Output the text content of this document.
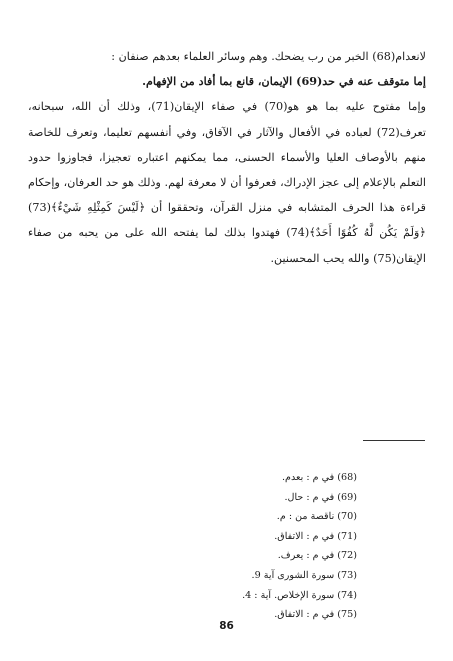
لانعدام(68) الخبر من رب يضحك. وهم وسائر العلماء بعدهم صنفان :

إما متوقف عنه في حد(69) الإيمان، قانع بما أفاد من الإفهام.

وإما مفتوح عليه بما هو هو(70) في صفاء الإيقان(71)، وذلك أن الله، سبحانه، تعرف(72) لعباده في الأفعال والآثار في الآفاق، وفي أنفسهم تعليما، وتعرف للخاصة منهم بالأوصاف العليا والأسماء الحسنى، مما يمكنهم اعتباره تعجيزا، فجاوزوا حدود التعلم بالإعلام إلى عجز الإدراك، فعرفوا أن لا معرفة لهم. وذلك هو حد العرفان، وإحكام قراءة هذا الحرف المتشابه في منزل القرآن، وتحققوا أن ﴿لَيْسَ كَمِثْلِهِ شَيْءٌ﴾(73) ﴿وَلَمْ يَكُن لَّهُ كُفُوًا أَحَدٌ﴾(74) فهتدوا بذلك لما يفتحه الله على من يحبه من صفاء الإيقان(75) والله يحب المحسنين.

(68) في م : بعدم.
(69) في م : حال.
(70) ناقصة من : م.
(71) في م : الاتفاق.
(72) في م : يعرف.
(73) سورة الشورى آية 9.
(74) سورة الإخلاص. آية : 4.
(75) في م : الاتفاق.
86
